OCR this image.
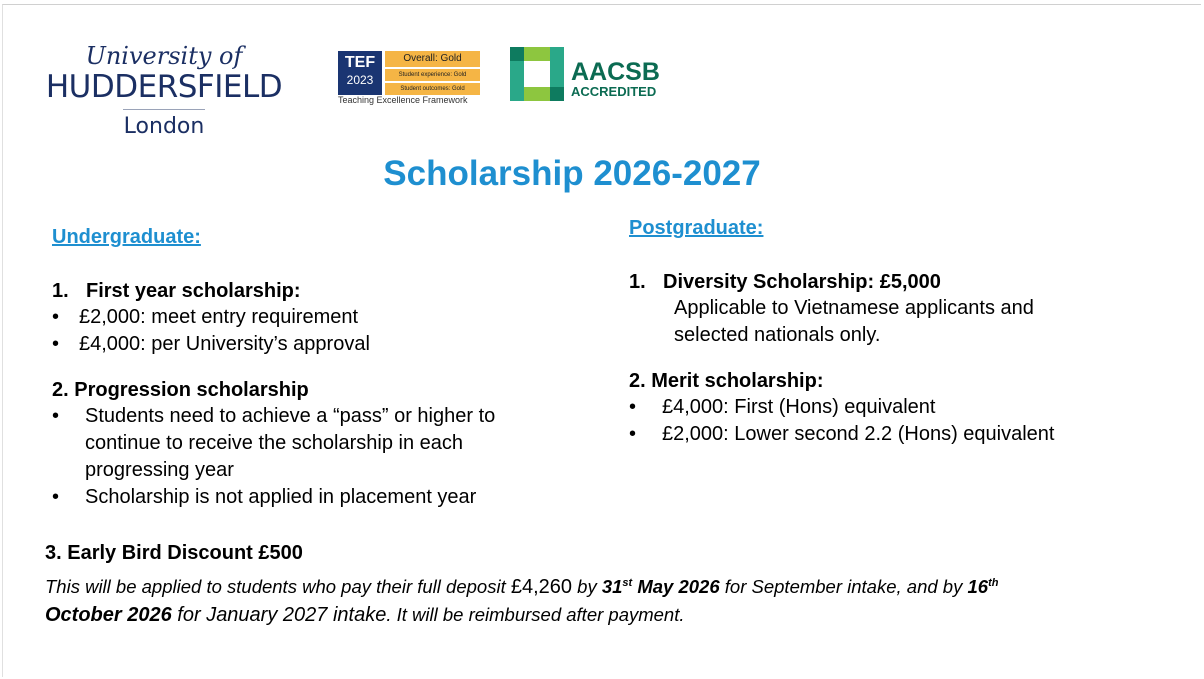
University of
HUDDERSFIELD
London
TEF
2023
Overall: Gold
Student experience: Gold
Student outcomes: Gold
Teaching Excellence Framework
AACSB
ACCREDITED
Scholarship 2026-2027
Undergraduate:
1. First year scholarship:
• £2,000: meet entry requirement
• £4,000: per University’s approval
2. Progression scholarship
• Students need to achieve a “pass” or higher to
continue to receive the scholarship in each
progressing year
• Scholarship is not applied in placement year
Postgraduate:
1. Diversity Scholarship: £5,000
Applicable to Vietnamese applicants and
selected nationals only.
2. Merit scholarship:
• £4,000: First (Hons) equivalent
• £2,000: Lower second 2.2 (Hons) equivalent
3. Early Bird Discount £500
This will be applied to students who pay their full deposit £4,260 by 31st May 2026 for September intake, and by 16th
October 2026 for January 2027 intake. It will be reimbursed after payment.
